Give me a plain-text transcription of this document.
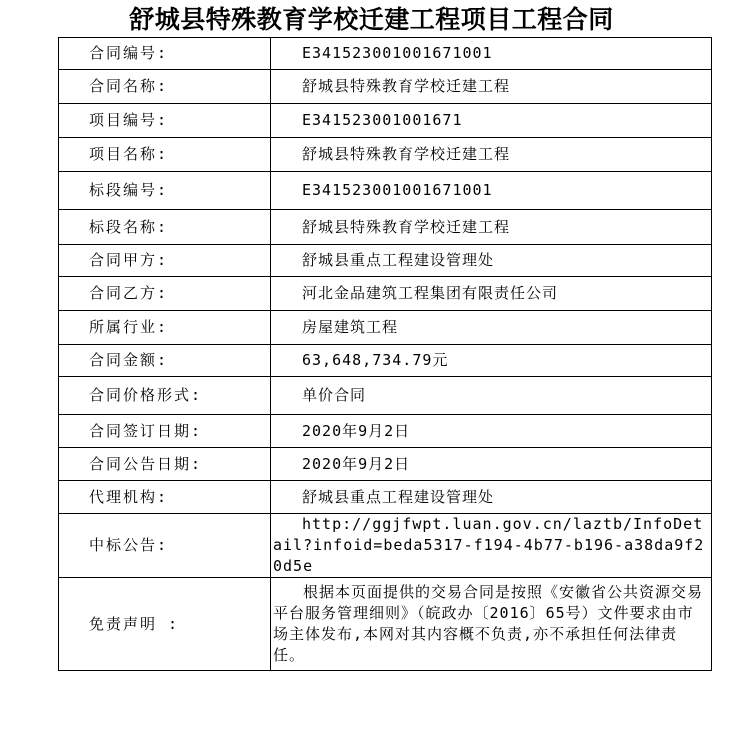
舒城县特殊教育学校迁建工程项目工程合同
合同编号:	E341523001001671001
合同名称:	舒城县特殊教育学校迁建工程
项目编号:	E341523001001671
项目名称:	舒城县特殊教育学校迁建工程
标段编号:	E341523001001671001
标段名称:	舒城县特殊教育学校迁建工程
合同甲方:	舒城县重点工程建设管理处
合同乙方:	河北金品建筑工程集团有限责任公司
所属行业:	房屋建筑工程
合同金额:	63,648,734.79元
合同价格形式:	单价合同
合同签订日期:	2020年9月2日
合同公告日期:	2020年9月2日
代理机构:	舒城县重点工程建设管理处
中标公告:	http://ggjfwpt.luan.gov.cn/laztb/InfoDetail?infoid=beda5317-f194-4b77-b196-a38da9f20d5e
免责声明 :	根据本页面提供的交易合同是按照《安徽省公共资源交易平台服务管理细则》（皖政办〔2016〕65号）文件要求由市场主体发布,本网对其内容概不负责,亦不承担任何法律责任。
